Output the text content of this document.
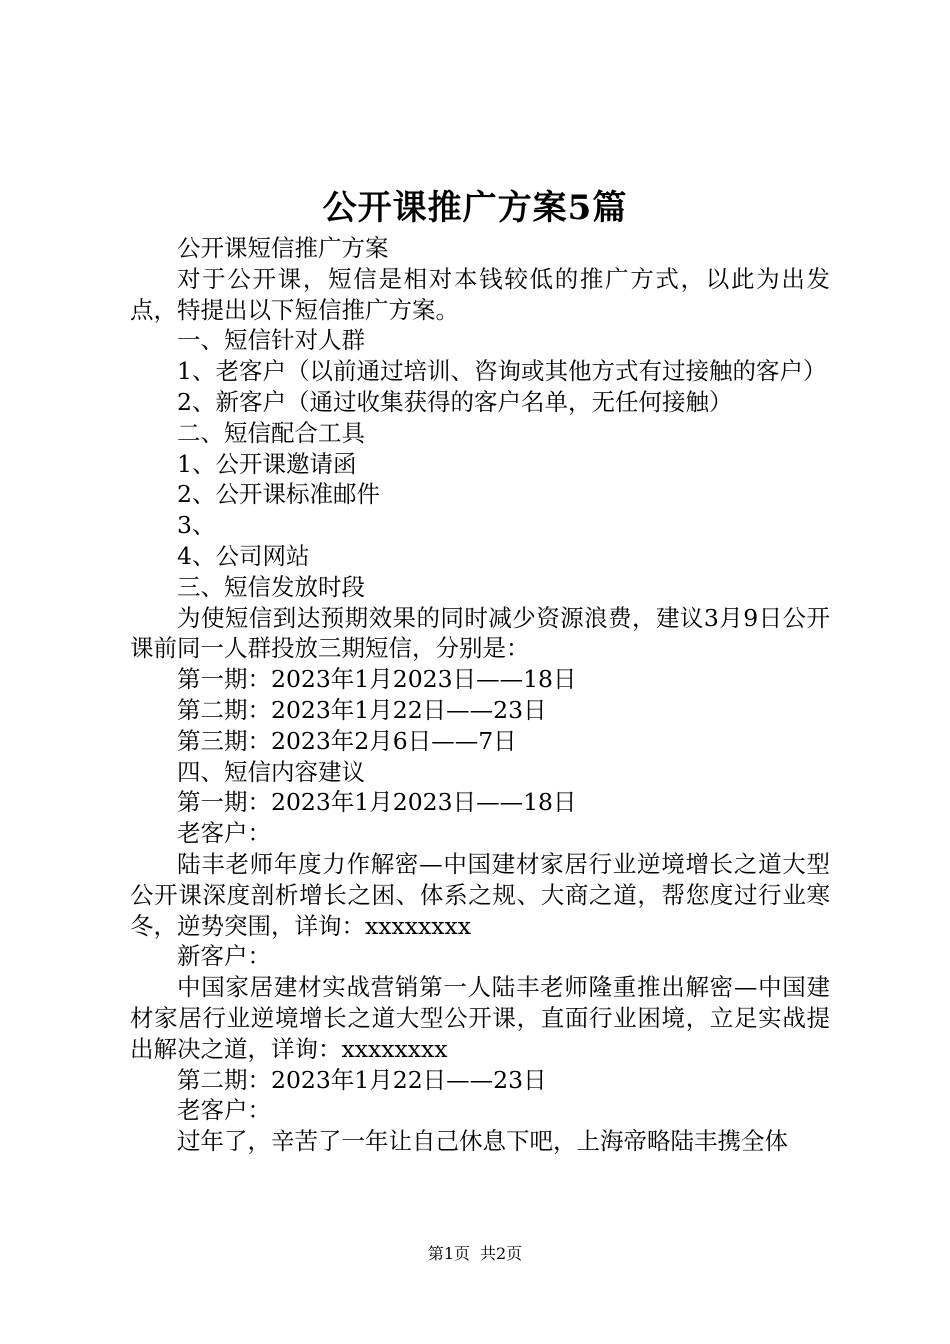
公开课推广方案5篇

公开课短信推广方案

对于公开课，短信是相对本钱较低的推广方式，以此为出发点，特提出以下短信推广方案。

一、短信针对人群

1、老客户（以前通过培训、咨询或其他方式有过接触的客户）

2、新客户（通过收集获得的客户名单，无任何接触）

二、短信配合工具

1、公开课邀请函

2、公开课标准邮件

3、

4、公司网站

三、短信发放时段

为使短信到达预期效果的同时减少资源浪费，建议3月9日公开课前同一人群投放三期短信，分别是：

第一期：2023年1月2023日——18日

第二期：2023年1月22日——23日

第三期：2023年2月6日——7日

四、短信内容建议

第一期：2023年1月2023日——18日

老客户：

陆丰老师年度力作解密—中国建材家居行业逆境增长之道大型公开课深度剖析增长之困、体系之规、大商之道，帮您度过行业寒冬，逆势突围，详询：xxxxxxxx

新客户：

中国家居建材实战营销第一人陆丰老师隆重推出解密—中国建材家居行业逆境增长之道大型公开课，直面行业困境，立足实战提出解决之道，详询：xxxxxxxx

第二期：2023年1月22日——23日

老客户：

过年了，辛苦了一年让自己休息下吧，上海帝略陆丰携全体

第1页 共2页
